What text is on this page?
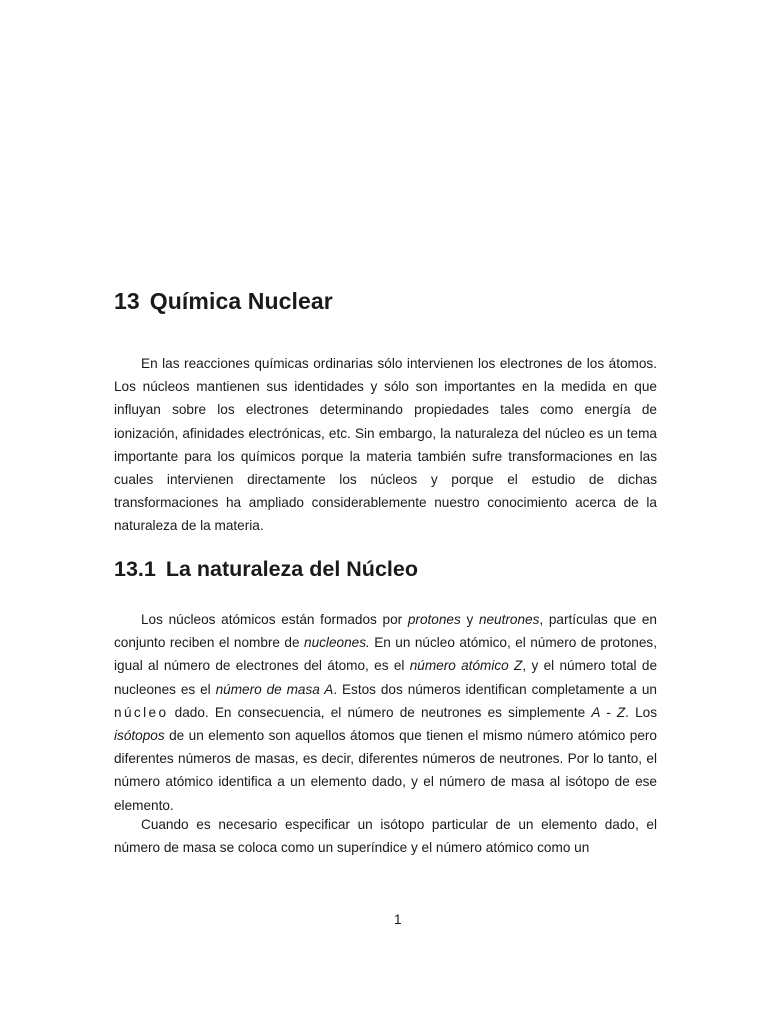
13 Química Nuclear

En las reacciones químicas ordinarias sólo intervienen los electrones de los átomos. Los núcleos mantienen sus identidades y sólo son importantes en la medida en que influyan sobre los electrones determinando propiedades tales como energía de ionización, afinidades electrónicas, etc. Sin embargo, la naturaleza del núcleo es un tema importante para los químicos porque la materia también sufre transformaciones en las cuales intervienen directamente los núcleos y porque el estudio de dichas transformaciones ha ampliado considerablemente nuestro conocimiento acerca de la naturaleza de la materia.

13.1 La naturaleza del Núcleo

Los núcleos atómicos están formados por protones y neutrones, partículas que en conjunto reciben el nombre de nucleones. En un núcleo atómico, el número de protones, igual al número de electrones del átomo, es el número atómico Z, y el número total de nucleones es el número de masa A. Estos dos números identifican completamente a un núcleo dado. En consecuencia, el número de neutrones es simplemente A - Z. Los isótopos de un elemento son aquellos átomos que tienen el mismo número atómico pero diferentes números de masas, es decir, diferentes números de neutrones. Por lo tanto, el número atómico identifica a un elemento dado, y el número de masa al isótopo de ese elemento.

Cuando es necesario especificar un isótopo particular de un elemento dado, el número de masa se coloca como un superíndice y el número atómico como un

1
